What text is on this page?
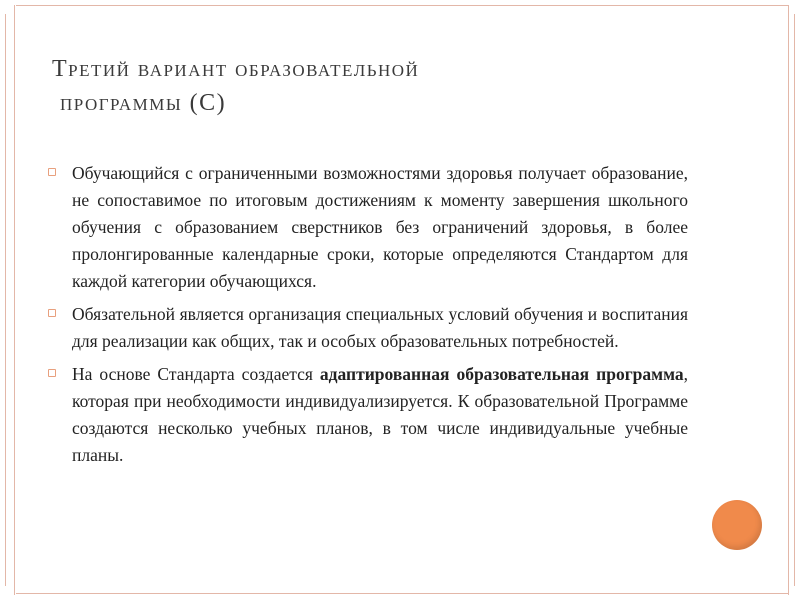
Третий вариант образовательной
программы (С)

Обучающийся с ограниченными возможностями здоровья получает образование, не сопоставимое по итоговым достижениям к моменту завершения школьного обучения с образованием сверстников без ограничений здоровья, в более пролонгированные календарные сроки, которые определяются Стандартом для каждой категории обучающихся.

Обязательной является организация специальных условий обучения и воспитания для реализации как общих, так и особых образовательных потребностей.

На основе Стандарта создается адаптированная образовательная программа, которая при необходимости индивидуализируется. К образовательной Программе создаются несколько учебных планов, в том числе индивидуальные учебные планы.
